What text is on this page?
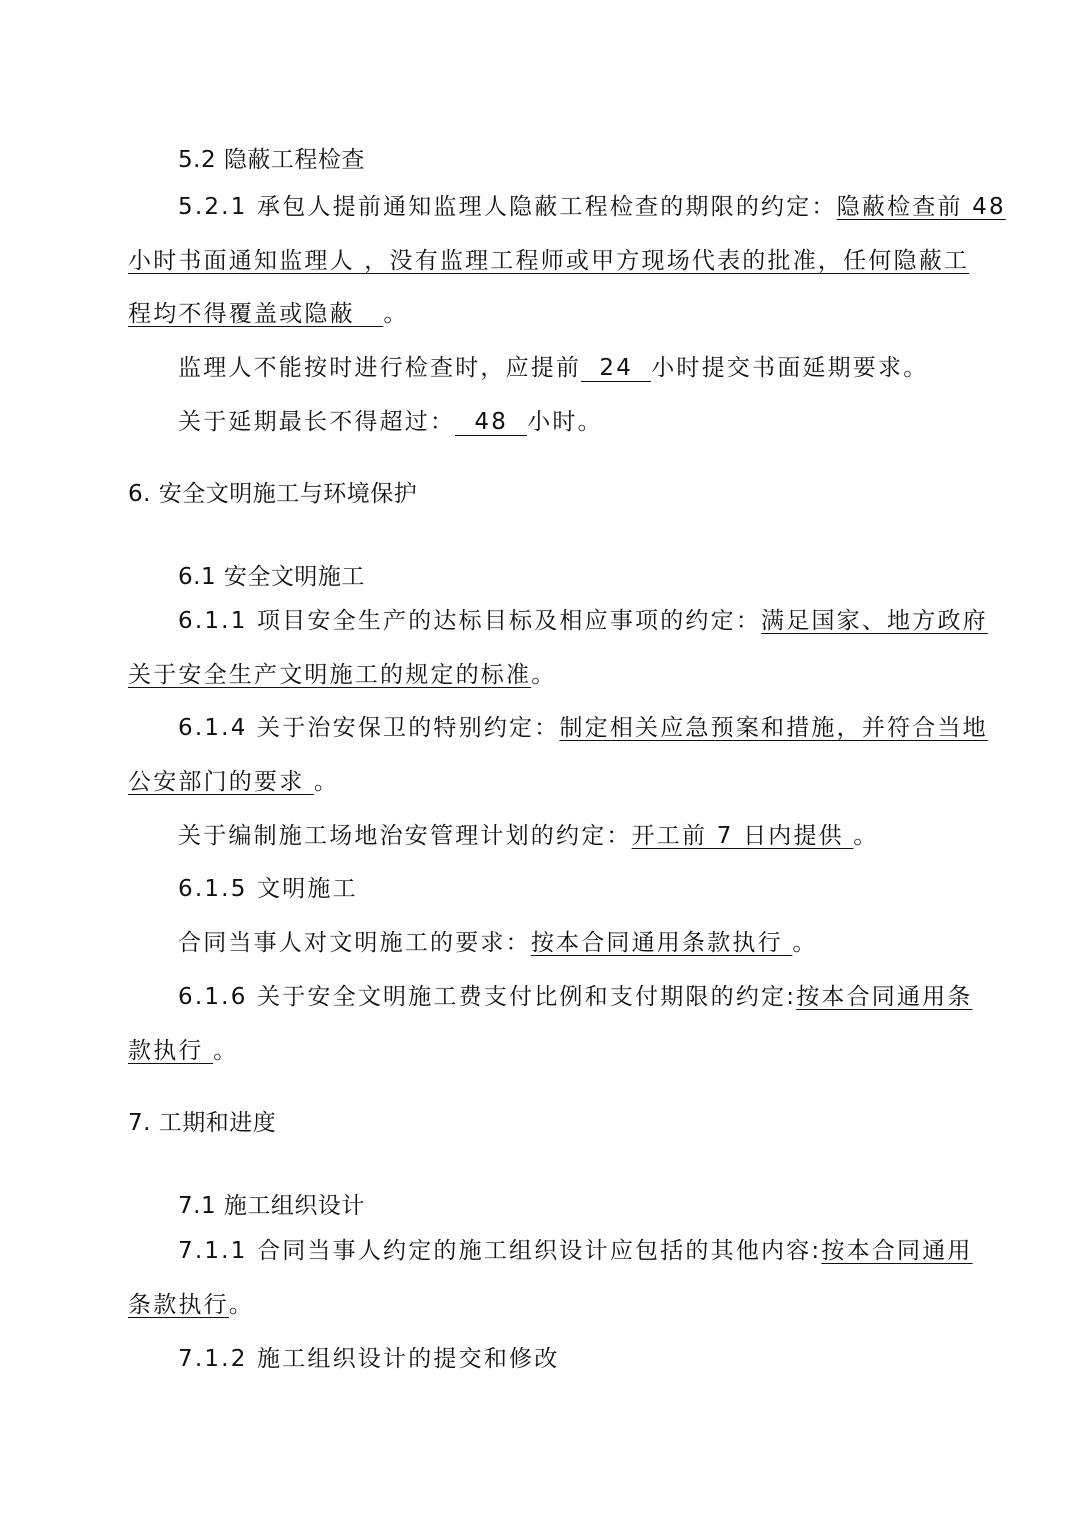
5.2 隐蔽工程检查
5.2.1 承包人提前通知监理人隐蔽工程检查的期限的约定：隐蔽检查前 48
小时书面通知监理人 ，没有监理工程师或甲方现场代表的批准，任何隐蔽工
程均不得覆盖或隐蔽 。
监理人不能按时进行检查时，应提前 24 小时提交书面延期要求。
关于延期最长不得超过： 48 小时。
6. 安全文明施工与环境保护
6.1 安全文明施工
6.1.1 项目安全生产的达标目标及相应事项的约定：满足国家、地方政府
关于安全生产文明施工的规定的标准。
6.1.4 关于治安保卫的特别约定：制定相关应急预案和措施，并符合当地
公安部门的要求 。
关于编制施工场地治安管理计划的约定：开工前 7 日内提供 。
6.1.5 文明施工
合同当事人对文明施工的要求：按本合同通用条款执行 。
6.1.6 关于安全文明施工费支付比例和支付期限的约定:按本合同通用条
款执行 。
7. 工期和进度
7.1 施工组织设计
7.1.1 合同当事人约定的施工组织设计应包括的其他内容:按本合同通用
条款执行。
7.1.2 施工组织设计的提交和修改
